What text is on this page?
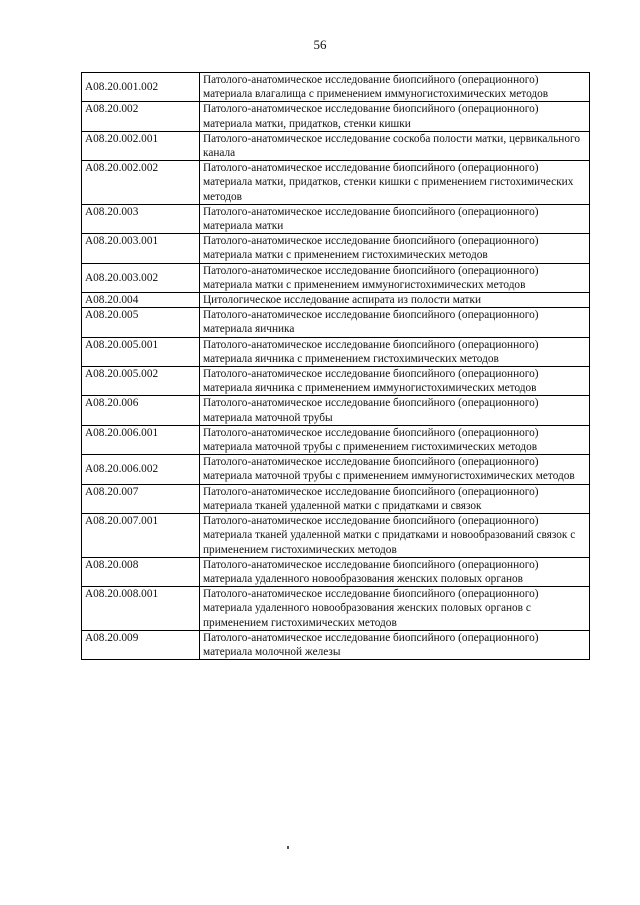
56
A08.20.001.002	Патолого-анатомическое исследование биопсийного (операционного) материала влагалища с применением иммуногистохимических методов
A08.20.002	Патолого-анатомическое исследование биопсийного (операционного) материала матки, придатков, стенки кишки
A08.20.002.001	Патолого-анатомическое исследование соскоба полости матки, цервикального канала
A08.20.002.002	Патолого-анатомическое исследование биопсийного (операционного) материала матки, придатков, стенки кишки с применением гистохимических методов
A08.20.003	Патолого-анатомическое исследование биопсийного (операционного) материала матки
A08.20.003.001	Патолого-анатомическое исследование биопсийного (операционного) материала матки с применением гистохимических методов
A08.20.003.002	Патолого-анатомическое исследование биопсийного (операционного) материала матки с применением иммуногистохимических методов
A08.20.004	Цитологическое исследование аспирата из полости матки
A08.20.005	Патолого-анатомическое исследование биопсийного (операционного) материала яичника
A08.20.005.001	Патолого-анатомическое исследование биопсийного (операционного) материала яичника с применением гистохимических методов
A08.20.005.002	Патолого-анатомическое исследование биопсийного (операционного) материала яичника с применением иммуногистохимических методов
A08.20.006	Патолого-анатомическое исследование биопсийного (операционного) материала маточной трубы
A08.20.006.001	Патолого-анатомическое исследование биопсийного (операционного) материала маточной трубы с применением гистохимических методов
A08.20.006.002	Патолого-анатомическое исследование биопсийного (операционного) материала маточной трубы с применением иммуногистохимических методов
A08.20.007	Патолого-анатомическое исследование биопсийного (операционного) материала тканей удаленной матки с придатками и связок
A08.20.007.001	Патолого-анатомическое исследование биопсийного (операционного) материала тканей удаленной матки с придатками и новообразований связок с применением гистохимических методов
A08.20.008	Патолого-анатомическое исследование биопсийного (операционного) материала удаленного новообразования женских половых органов
A08.20.008.001	Патолого-анатомическое исследование биопсийного (операционного) материала удаленного новообразования женских половых органов с применением гистохимических методов
A08.20.009	Патолого-анатомическое исследование биопсийного (операционного) материала молочной железы
